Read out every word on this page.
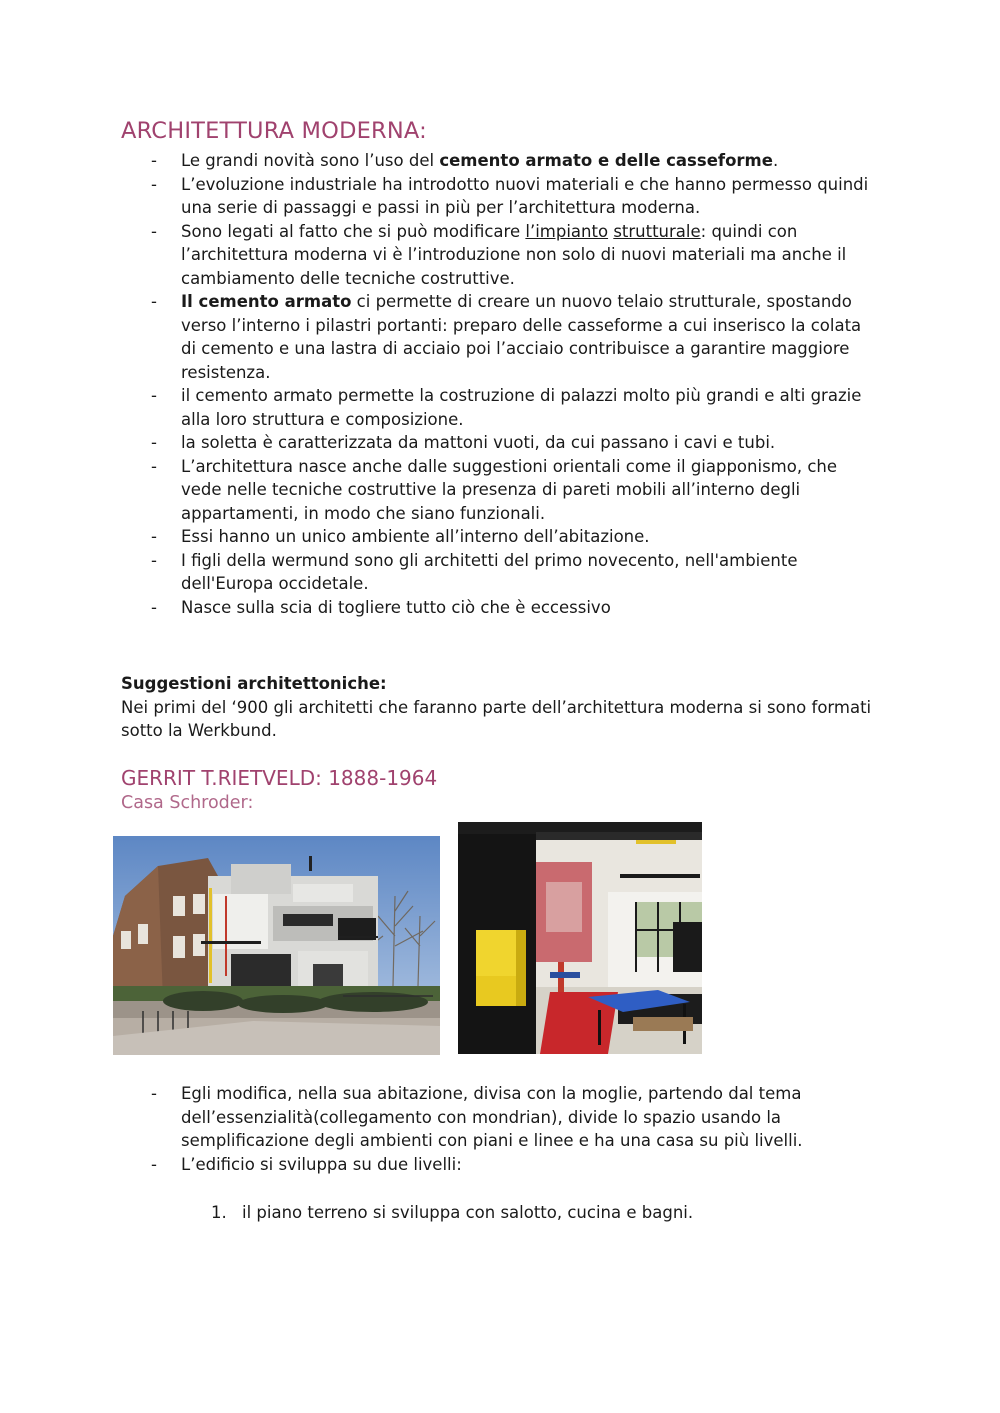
ARCHITETTURA MODERNA:
- Le grandi novità sono l’uso del cemento armato e delle casseforme.
- L’evoluzione industriale ha introdotto nuovi materiali e che hanno permesso quindi una serie di passaggi e passi in più per l’architettura moderna.
- Sono legati al fatto che si può modificare l’impianto strutturale: quindi con l’architettura moderna vi è l’introduzione non solo di nuovi materiali ma anche il cambiamento delle tecniche costruttive.
- Il cemento armato ci permette di creare un nuovo telaio strutturale, spostando verso l’interno i pilastri portanti: preparo delle casseforme a cui inserisco la colata di cemento e una lastra di acciaio poi l’acciaio contribuisce a garantire maggiore resistenza.
- il cemento armato permette la costruzione di palazzi molto più grandi e alti grazie alla loro struttura e composizione.
- la soletta è caratterizzata da mattoni vuoti, da cui passano i cavi e tubi.
- L’architettura nasce anche dalle suggestioni orientali come il giapponismo, che vede nelle tecniche costruttive la presenza di pareti mobili all’interno degli appartamenti, in modo che siano funzionali.
- Essi hanno un unico ambiente all’interno dell’abitazione.
- I figli della wermund sono gli architetti del primo novecento, nell'ambiente dell'Europa occidetale.
- Nasce sulla scia di togliere tutto ciò che è eccessivo
Suggestioni architettoniche:
Nei primi del ‘900 gli architetti che faranno parte dell’architettura moderna si sono formati sotto la Werkbund.
GERRIT T.RIETVELD: 1888-1964
Casa Schroder:
- Egli modifica, nella sua abitazione, divisa con la moglie, partendo dal tema dell’essenzialità(collegamento con mondrian), divide lo spazio usando la semplificazione degli ambienti con piani e linee e ha una casa su più livelli.
- L’edificio si sviluppa su due livelli:
1. il piano terreno si sviluppa con salotto, cucina e bagni.
